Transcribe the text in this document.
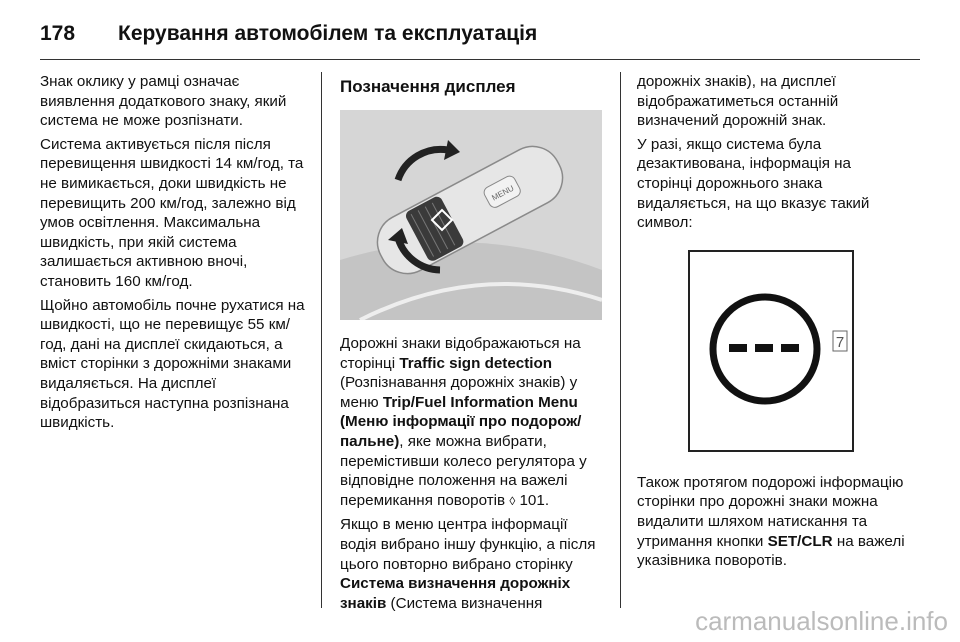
178	Керування автомобілем та експлуатація

Знак оклику у рамці означає виявлення додаткового знаку, який система не може розпізнати.

Система активується після після перевищення швидкості 14 км/год, та не вимикається, доки швидкість не перевищить 200 км/год, залежно від умов освітлення. Максимальна швидкість, при якій система залишається активною вночі, становить 160 км/год.

Щойно автомобіль почне рухатися на швидкості, що не перевищує 55 км/год, дані на дисплеї скидаються, а вміст сторінки з дорожніми знаками видаляється. На дисплеї відобразиться наступна розпізнана швидкість.

Позначення дисплея
MENU

Дорожні знаки відображаються на сторінці Traffic sign detection (Розпізнавання дорожніх знаків) у меню Trip/Fuel Information Menu (Меню інформації про подорож/пальне), яке можна вибрати, перемістивши колесо регулятора у відповідне положення на важелі перемикання поворотів ◊ 101.

Якщо в меню центра інформації водія вибрано іншу функцію, а після цього повторно вибрано сторінку Система визначення дорожніх знаків (Система визначення

дорожніх знаків), на дисплеї відображатиметься останній визначений дорожній знак.

У разі, якщо система була дезактивована, інформація на сторінці дорожнього знака видаляється, на що вказує такий символ:

7

Також протягом подорожі інформацію сторінки про дорожні знаки можна видалити шляхом натискання та утримання кнопки SET/CLR на важелі указівника поворотів.

carmanualsonline.info
